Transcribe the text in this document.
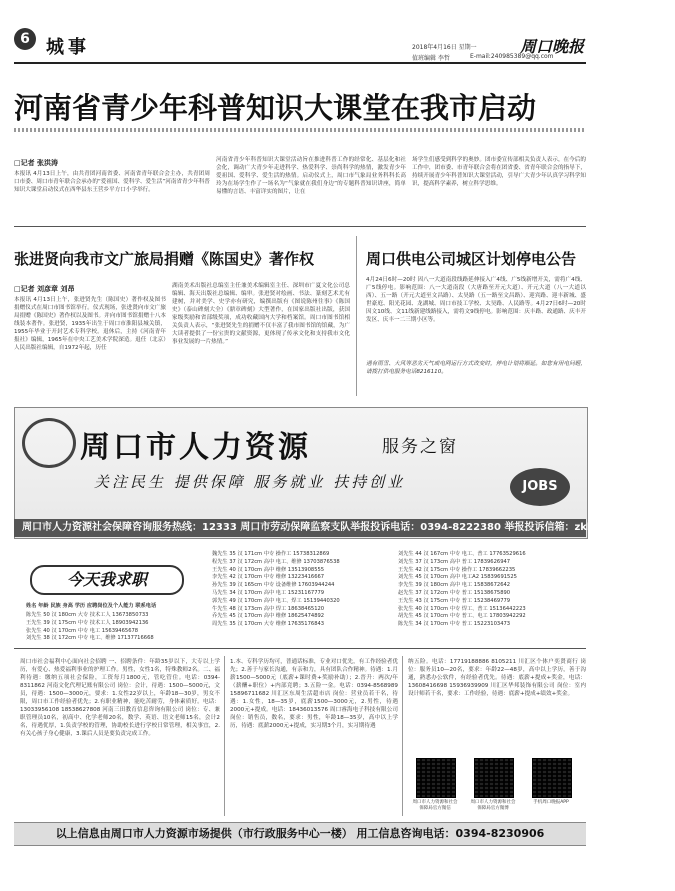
6 城事	2018年4月16日 星期一
值班编辑 李哲	E-mail:240985389@qq.com
周口晚报
河南省青少年科普知识大课堂在我市启动
□记者 张洪涛
本报讯 4月13日上午，由共青团河南省委、河南省青年联合会主办，共青团周口市委、周口市青年联合会承办的“爱祖国、爱科学、爱生活”河南省青少年科普知识大课堂启动仪式在西华县东王营乡平方口小学举行。
河南省青少年科普知识大课堂活动旨在推进科普工作的经常化、基层化和社会化，调动广大青少年走进科学、热爱科学、崇尚科学的热情，激发青少年爱祖国、爱科学、爱生活的热情。启动仪式上，周口市气象局业务科科长高玲为在场学生作了一场名为“气象就在我们身边”的专题科普知识讲座，简单易懂的言语、丰富详实的图片，让在
场学生们感受到科学的奥妙。团市委宣传部相关负责人表示，在今后的工作中，团市委、市青年联合会将在团省委、省青年联合会的指导下，持续开展青少年科普知识大课堂活动，引导广大青少年认真学习科学知识，提高科学素养，树立科学思维。
张进贤向我市文广旅局捐赠《陈国史》著作权
□记者 刘彦章 刘昂
本报讯 4月13日上午，张进贤先生（陈国史）著作权及图书捐赠仪式在周口市图书馆举行。仪式现场，张进贤向市文广旅局捐赠《陈国史》著作权以及图书。并向市图书馆捐赠十八本线装本著作。张进贤，1935年出生于周口市淮阳县城关镇，1955年毕业于开封艺术专科学校。退休后，主持《河南青年报社》编辑，1965年在中央工艺美术学院深造。退任（北京）人民出版社编辑，自1972年起，历任
湖南美术出版社总编室主任兼美术编辑室主任、深圳市广夏文化公司总编辑、海天出版社总编辑、编审。张进贤对绘画、书法、篆刻艺术尤有建树，并对美学、史学亦有研究，编撰出版有《图说陈州往事》《陈国史》（泰山碑刻大全）《鼎章碑刻》大型著作，在国家出版社出版，获国家级奖励和省部级奖项，成功收藏国内大学和档案馆。周口市图书馆相关负责人表示，“张进贤先生的捐赠不仅丰富了我市图书馆的馆藏，为广大读者提供了一份宝贵的文献资源，更体现了传承文化和支持我市文化事业发展的一片热情。”
周口供电公司城区计划停电公告
4月24日6时—20时 因八一大道南段线路延伸接入广4线、广5线新增开关，需将广4线、广5线停电。影响范围：八一大道南段（大唐路至开元大道）、开元大道（八一大道以西）、五一路（开元大道至文昌路）、太昊路（五一路至文昌路）、迎宾路、迎丰新城、盛世豪庭、阳光花园、龙湖城、周口市技工学校、太昊路、人民路等。4月27日6时—20时 因文10线、文11线新建线路接入，需将文9线停电。影响范围：庆丰路、政通路、庆丰开发区、庆丰一二三期小区等。
遇有雨雪、大风等恶劣天气或电网运行方式改变时，停电计划将顺延。如您有用电问题，请拨打供电服务电话8216110。
周口市人力资源	服务之窗
关注民生 提供保障 服务就业 扶持创业	JOBS
周口市人力资源社会保障咨询服务热线：12333 周口市劳动保障监察支队举报投诉电话：0394-8222380 举报投诉信箱：zkldjcjb@163.com
今天我求职
姓名 年龄 民族 身高 学历 应聘岗位及个人能力 联系电话
陈先生 50 汉 180cm 大专 技术工人 13673850733
王先生 39 汉 175cm 中专 技术工人 18903942136
张先生 40 汉 170cm 中专 电工 15639465678
刘先生 38 汉 172cm 中专 电工、维修 17137716668
魏先生 35 汉 171cm 中专 操作工 15738312869
程先生 37 汉 172cm 高中 电工、维修 13703876538
王先生 40 汉 170cm 高中 维修 13513908555
李先生 42 汉 170cm 中专 维修 13223416667
孙先生 39 汉 165cm 中专 设备维修 17603944244
马先生 34 汉 170cm 高中 电工 15231167779
郭先生 49 汉 170cm 高中 电工、焊工 15139440320
牛先生 48 汉 173cm 高中 焊工 18638465120
乔先生 45 汉 170cm 高中 维修 18625474892
周先生 35 汉 170cm 大专 维修 17635176843
刘先生 44 汉 167cm 中专 电工、普工 17763529616
刘先生 37 汉 173cm 高中 普工 17839626947
王先生 42 汉 175cm 中专 操作工 17839662235
刘先生 45 汉 170cm 高中 电工A2 15839691525
李先生 39 汉 180cm 高中 电工 15838672642
赵先生 37 汉 172cm 中专 普工 15138675890
王先生 43 汉 175cm 中专 普工 15238469779
张先生 40 汉 170cm 中专 焊工、普工 15136442223
胡先生 45 汉 170cm 中专 普工、电工 17803942292
陈先生 34 汉 170cm 中专 普工 15223103473
周口市社会福利中心面向社会招聘 一、招聘条件：年龄35岁以下，大专以上学历，有爱心、热爱福利事业的护理工作。男性，女性1名，特殊教师2名。二、福利待遇：缴纳五项社会保险，工资每月1800元，管吃管住。电话：0394-8311862 河南文化代理记账有限公司 岗位：会计，待遇：1500—5000元，文员，待遇：1500—3000元，要求：1.女性22岁以上，年龄18—30岁，男女不限，周口市工作经验者优先；2.有职业精神，能吃苦耐劳，身体素质好。电话：13033956108 18538627808 河南三田教育信息咨询有限公司 岗位：专、兼职管理员10名，初高中、化学老师20名，数学、英语、语文老师15名，会计2名，待遇优厚，1.负责学校的管理，协助校长进行学校日常管理，相关事宜，2.有关心孩子身心健康，3.课后人员是要负责完成工作。
1.本、专科学历均可，普通话标准，专业对口优先，有工作经验者优先；2.善于与家长沟通，有亲和力，具有团队合作精神。待遇：1.月薪1500—5000元（底薪+课时费+奖励补助）；2.晋升：两次/年（薪酬+职位）+内部竞聘；3.五险一金。电话：0394-8568989 15896711682 川汇区东周生活超市店 岗位：营业员若干名，待遇：1.女性，18—35岁，底薪1500—3000元，2.男性，待遇2000元+提成。电话：18436013576 周口睿海电子科技有限公司 岗位：销售员，数名，要求：男性，年龄18—35岁，高中以上学历，待遇：底薪2000元+提成，实习期3个月，实习期待遇
纳五险。电话：17719188886 8105211 川汇区个体户奕贤商行 岗位：服务员10—20名，要求：年龄22—48岁，高中以上学历，善于沟通，熟悉办公软件，有经验者优先。待遇：底薪+提成+奖金，电话：13608416698 15936939909 川汇区华邦装饰有限公司 岗位：室内设计师若干名，要求：工作经验，待遇：底薪+提成+绩效+奖金。
周口市人力资源和社会保障局官方微信
周口市人力资源和社会保障局官方微博
手机周口晚报APP
以上信息由周口市人力资源市场提供（市行政服务中心一楼） 用工信息咨询电话：0394-8230906
